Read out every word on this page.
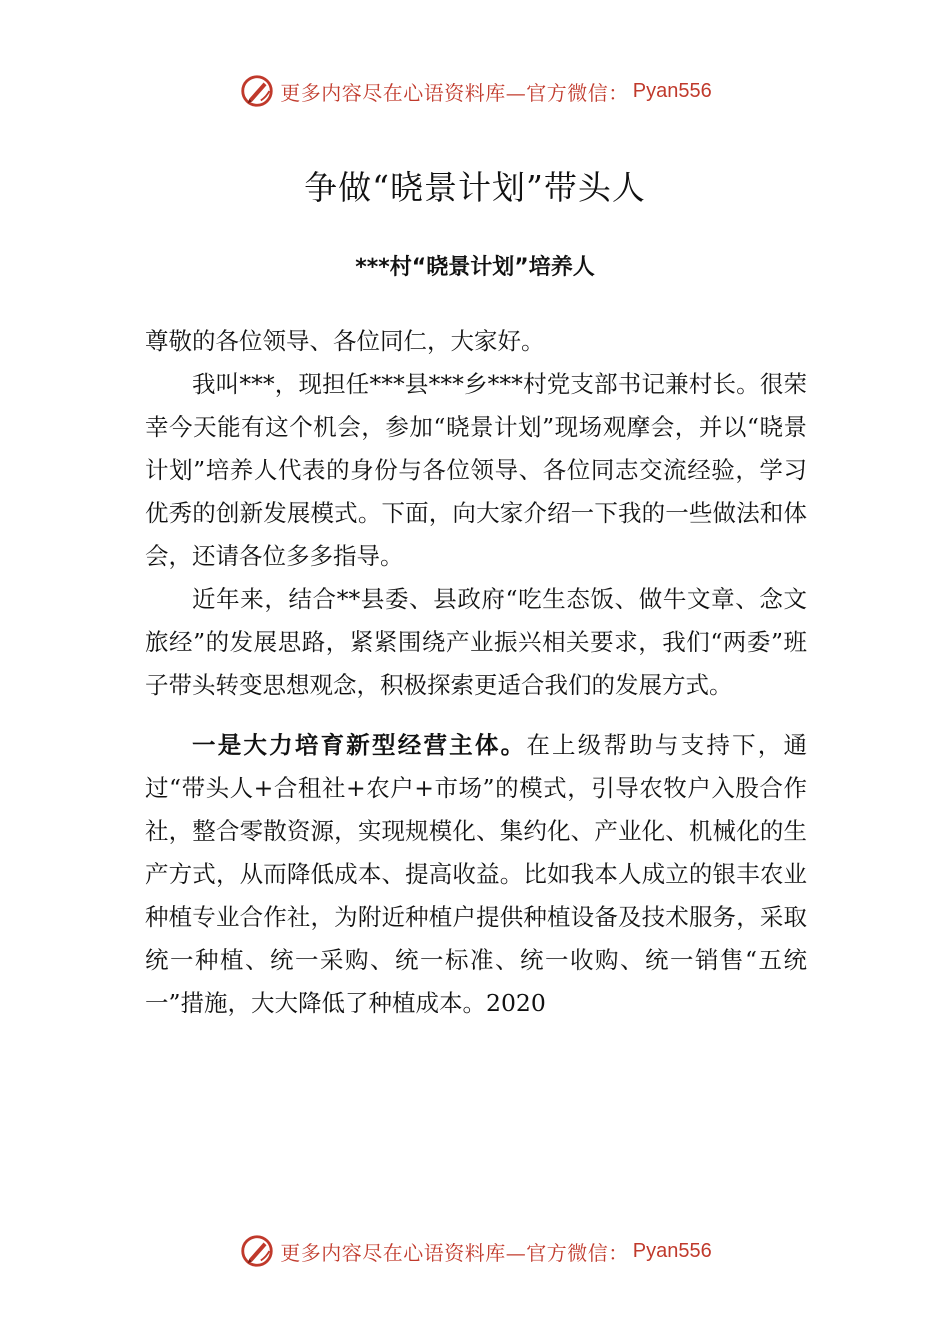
更多内容尽在心语资料库—官方微信： Pyan556
争做“晓景计划”带头人
***村“晓景计划”培养人

尊敬的各位领导、各位同仁，大家好。

我叫***，现担任***县***乡***村党支部书记兼村长。很荣幸今天能有这个机会，参加“晓景计划”现场观摩会，并以“晓景计划”培养人代表的身份与各位领导、各位同志交流经验，学习优秀的创新发展模式。下面，向大家介绍一下我的一些做法和体会，还请各位多多指导。

近年来，结合**县委、县政府“吃生态饭、做牛文章、念文旅经”的发展思路，紧紧围绕产业振兴相关要求，我们“两委”班子带头转变思想观念，积极探索更适合我们的发展方式。

一是大力培育新型经营主体。在上级帮助与支持下，通过“带头人+合租社+农户+市场”的模式，引导农牧户入股合作社，整合零散资源，实现规模化、集约化、产业化、机械化的生产方式，从而降低成本、提高收益。比如我本人成立的银丰农业种植专业合作社，为附近种植户提供种植设备及技术服务，采取统一种植、统一采购、统一标准、统一收购、统一销售“五统一”措施，大大降低了种植成本。2020

更多内容尽在心语资料库—官方微信： Pyan556
